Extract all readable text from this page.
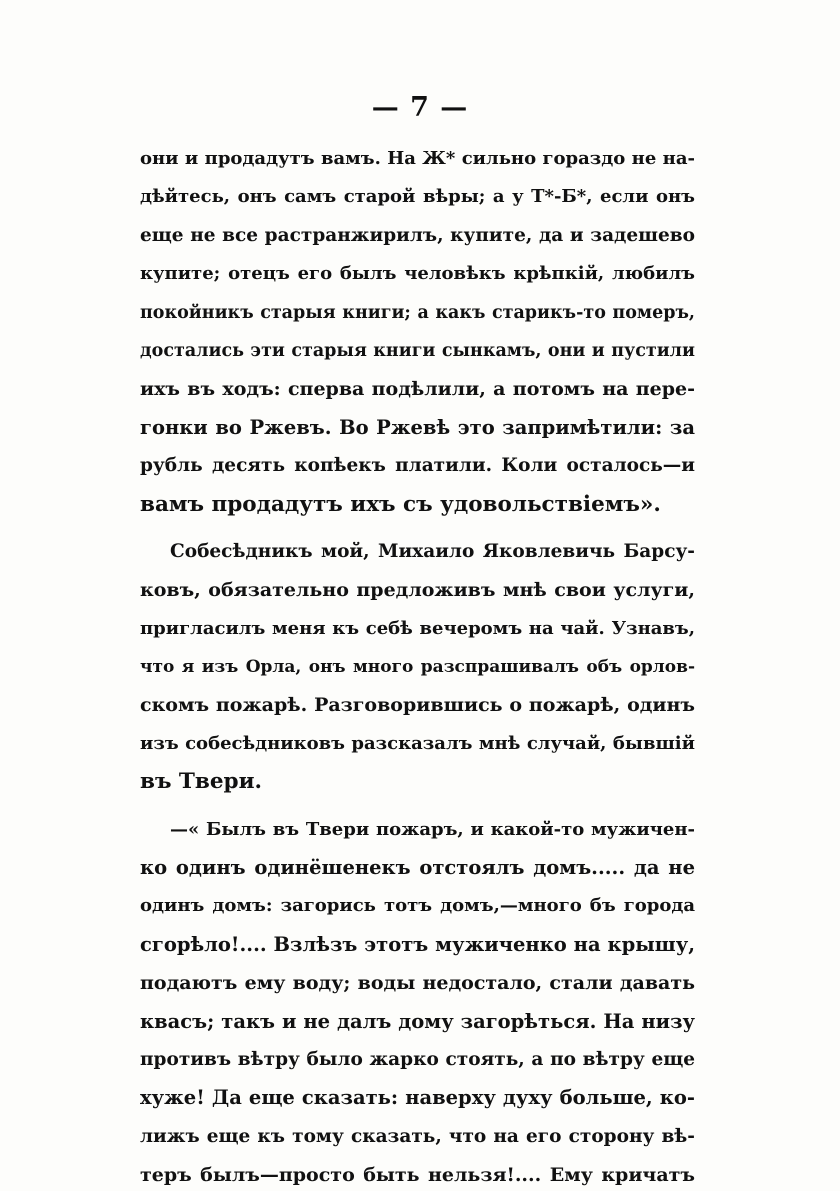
— 7 —
они и продадутъ вамъ. На Ж* сильно гораздо не на-
дѣйтесь, онъ самъ старой вѣры; а у Т*-Б*, если онъ
еще не все растранжирилъ, купите, да и задешево
купите; отецъ его былъ человѣкъ крѣпкій, любилъ
покойникъ старыя книги; а какъ старикъ-то померъ,
достались эти старыя книги сынкамъ, они и пустили
ихъ въ ходъ: сперва подѣлили, а потомъ на пере-
гонки во Ржевъ. Во Ржевѣ это запримѣтили: за
рубль десять копѣекъ платили. Коли осталось—и
вамъ продадутъ ихъ съ удовольствіемъ».
Собесѣдникъ мой, Михаило Яковлевичь Барсу-
ковъ, обязательно предложивъ мнѣ свои услуги,
пригласилъ меня къ себѣ вечеромъ на чай. Узнавъ,
что я изъ Орла, онъ много разспрашивалъ объ орлов-
скомъ пожарѣ. Разговорившись о пожарѣ, одинъ
изъ собесѣдниковъ разсказалъ мнѣ случай, бывшій
въ Твери.
—« Былъ въ Твери пожаръ, и какой-то мужичен-
ко одинъ одинёшенекъ отстоялъ домъ..... да не
одинъ домъ: загорись тотъ домъ,—много бъ города
сгорѣло!.... Взлѣзъ этотъ мужиченко на крышу,
подаютъ ему воду; воды недостало, стали давать
квасъ; такъ и не далъ дому загорѣться. На низу
противъ вѣтру было жарко стоять, а по вѣтру еще
хуже! Да еще сказать: наверху духу больше, ко-
лижъ еще къ тому сказать, что на его сторону вѣ-
теръ былъ—просто быть нельзя!.... Ему кричатъ
